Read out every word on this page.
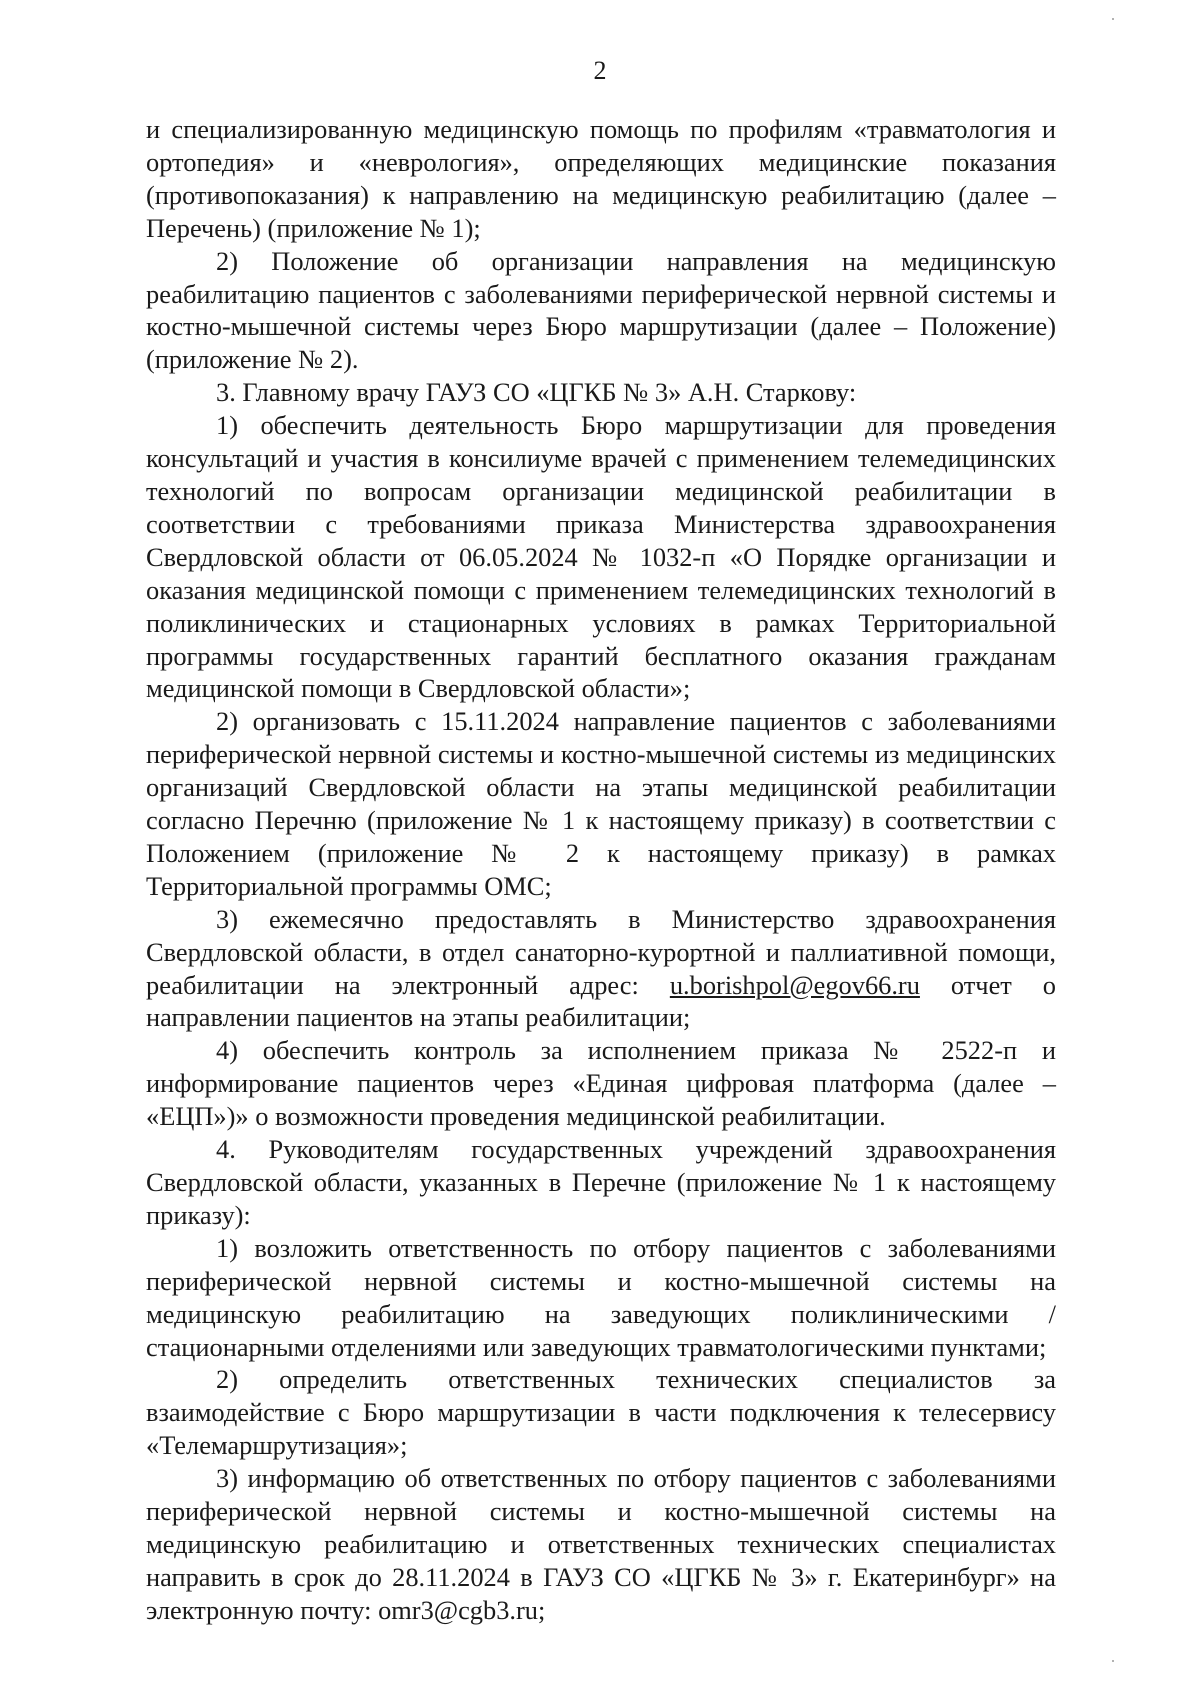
2

и специализированную медицинскую помощь по профилям «травматология и ортопедия» и «неврология», определяющих медицинские показания (противопоказания) к направлению на медицинскую реабилитацию (далее – Перечень) (приложение № 1);

2) Положение об организации направления на медицинскую реабилитацию пациентов с заболеваниями периферической нервной системы и костно-мышечной системы через Бюро маршрутизации (далее – Положение) (приложение № 2).

3. Главному врачу ГАУЗ СО «ЦГКБ № 3» А.Н. Старкову:

1) обеспечить деятельность Бюро маршрутизации для проведения консультаций и участия в консилиуме врачей с применением телемедицинских технологий по вопросам организации медицинской реабилитации в соответствии с требованиями приказа Министерства здравоохранения Свердловской области от 06.05.2024 № 1032-п «О Порядке организации и оказания медицинской помощи с применением телемедицинских технологий в поликлинических и стационарных условиях в рамках Территориальной программы государственных гарантий бесплатного оказания гражданам медицинской помощи в Свердловской области»;

2) организовать с 15.11.2024 направление пациентов с заболеваниями периферической нервной системы и костно-мышечной системы из медицинских организаций Свердловской области на этапы медицинской реабилитации согласно Перечню (приложение № 1 к настоящему приказу) в соответствии с Положением (приложение № 2 к настоящему приказу) в рамках Территориальной программы ОМС;

3) ежемесячно предоставлять в Министерство здравоохранения Свердловской области, в отдел санаторно-курортной и паллиативной помощи, реабилитации на электронный адрес: u.borishpol@egov66.ru отчет о направлении пациентов на этапы реабилитации;

4) обеспечить контроль за исполнением приказа № 2522-п и информирование пациентов через «Единая цифровая платформа (далее – «ЕЦП»)» о возможности проведения медицинской реабилитации.

4. Руководителям государственных учреждений здравоохранения Свердловской области, указанных в Перечне (приложение № 1 к настоящему приказу):

1) возложить ответственность по отбору пациентов с заболеваниями периферической нервной системы и костно-мышечной системы на медицинскую реабилитацию на заведующих поликлиническими / стационарными отделениями или заведующих травматологическими пунктами;

2) определить ответственных технических специалистов за взаимодействие с Бюро маршрутизации в части подключения к телесервису «Телемаршрутизация»;

3) информацию об ответственных по отбору пациентов с заболеваниями периферической нервной системы и костно-мышечной системы на медицинскую реабилитацию и ответственных технических специалистах направить в срок до 28.11.2024 в ГАУЗ СО «ЦГКБ № 3» г. Екатеринбург» на электронную почту: omr3@cgb3.ru;
